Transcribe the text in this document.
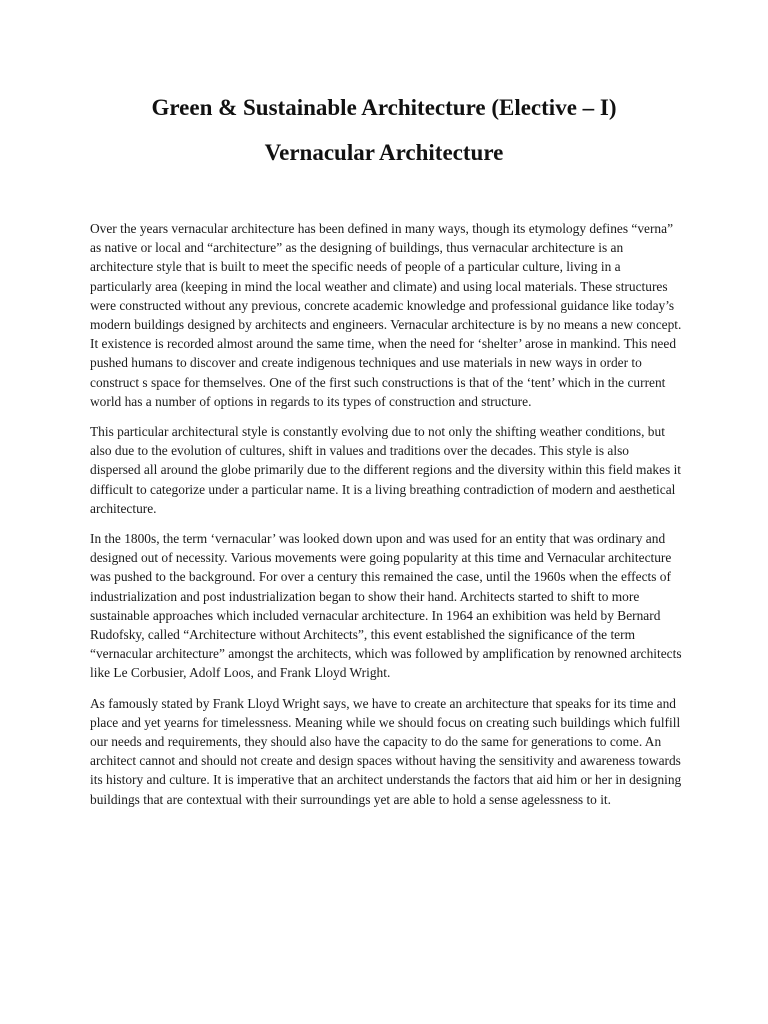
Green & Sustainable Architecture (Elective – I)
Vernacular Architecture

Over the years vernacular architecture has been defined in many ways, though its etymology defines “verna” as native or local and “architecture” as the designing of buildings, thus vernacular architecture is an architecture style that is built to meet the specific needs of people of a particular culture, living in a particularly area (keeping in mind the local weather and climate) and using local materials. These structures were constructed without any previous, concrete academic knowledge and professional guidance like today’s modern buildings designed by architects and engineers. Vernacular architecture is by no means a new concept. It existence is recorded almost around the same time, when the need for ‘shelter’ arose in mankind. This need pushed humans to discover and create indigenous techniques and use materials in new ways in order to construct s space for themselves. One of the first such constructions is that of the ‘tent’ which in the current world has a number of options in regards to its types of construction and structure.

This particular architectural style is constantly evolving due to not only the shifting weather conditions, but also due to the evolution of cultures, shift in values and traditions over the decades. This style is also dispersed all around the globe primarily due to the different regions and the diversity within this field makes it difficult to categorize under a particular name. It is a living breathing contradiction of modern and aesthetical architecture.

In the 1800s, the term ‘vernacular’ was looked down upon and was used for an entity that was ordinary and designed out of necessity. Various movements were going popularity at this time and Vernacular architecture was pushed to the background. For over a century this remained the case, until the 1960s when the effects of industrialization and post industrialization began to show their hand. Architects started to shift to more sustainable approaches which included vernacular architecture. In 1964 an exhibition was held by Bernard Rudofsky, called “Architecture without Architects”, this event established the significance of the term “vernacular architecture” amongst the architects, which was followed by amplification by renowned architects like Le Corbusier, Adolf Loos, and Frank Lloyd Wright.

As famously stated by Frank Lloyd Wright says, we have to create an architecture that speaks for its time and place and yet yearns for timelessness. Meaning while we should focus on creating such buildings which fulfill our needs and requirements, they should also have the capacity to do the same for generations to come. An architect cannot and should not create and design spaces without having the sensitivity and awareness towards its history and culture. It is imperative that an architect understands the factors that aid him or her in designing buildings that are contextual with their surroundings yet are able to hold a sense agelessness to it.
